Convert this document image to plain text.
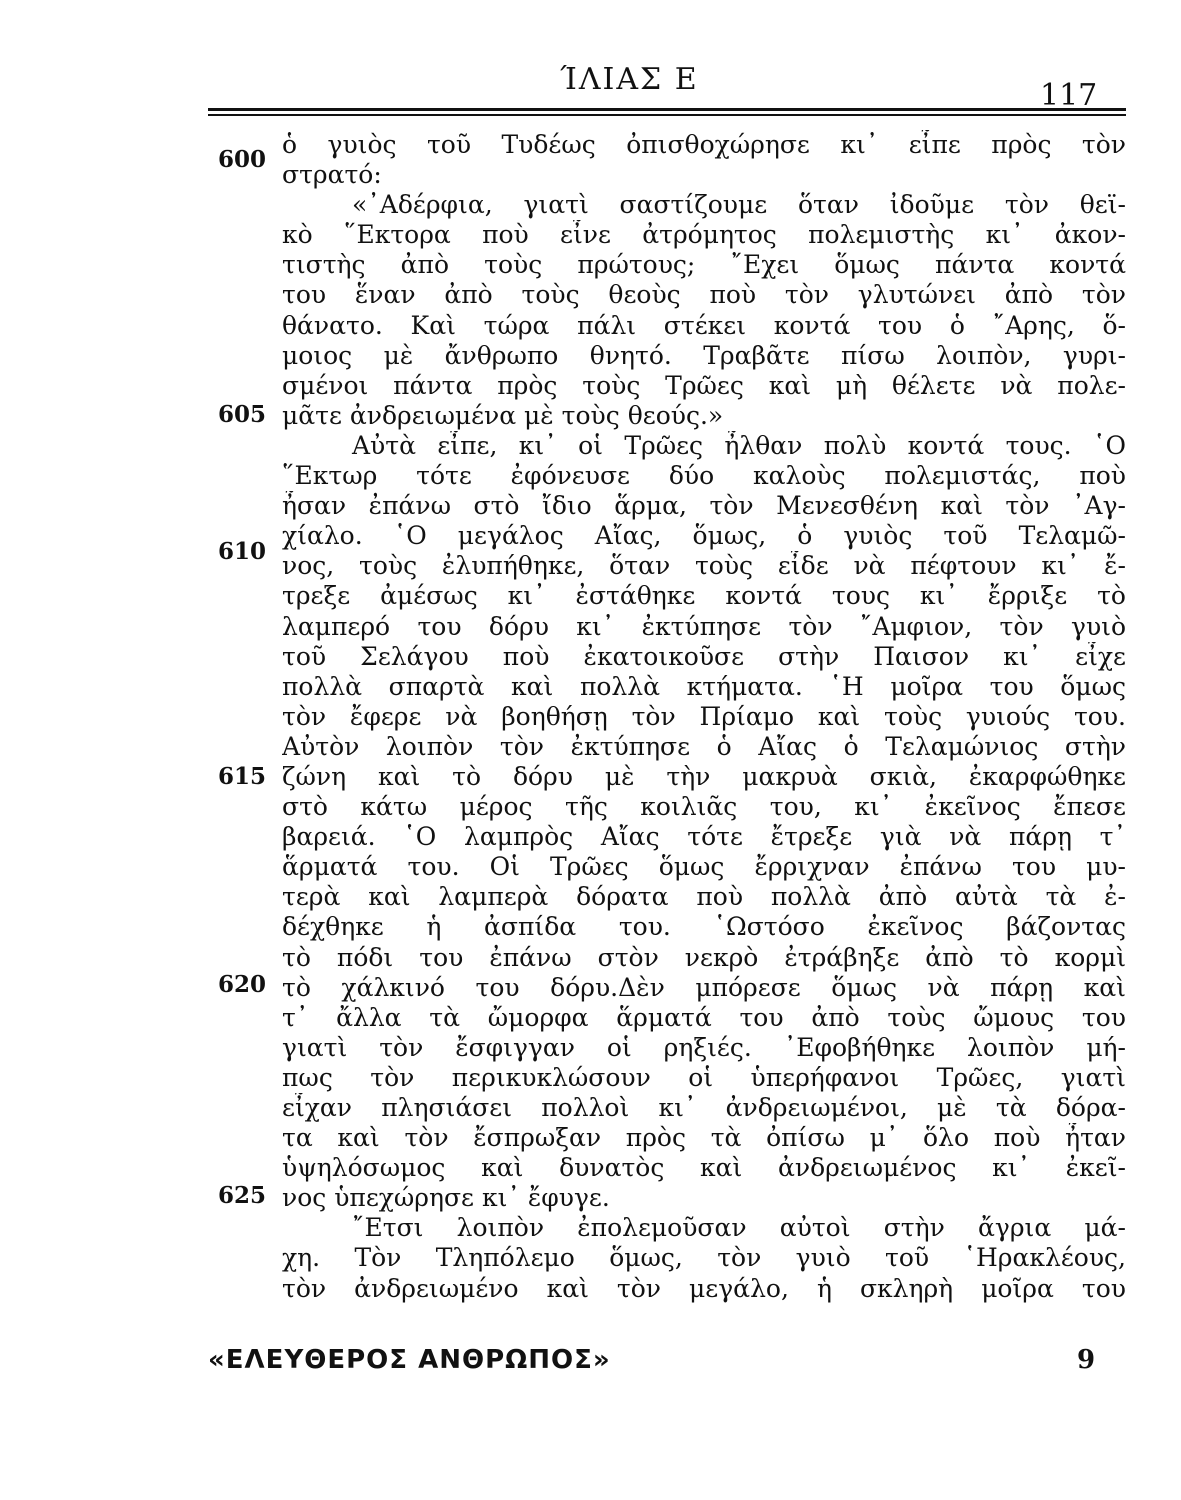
ΊΛΙΑΣ Ε	117
600
605
610
615
620
625
ὁ γυιὸς τοῦ Τυδέως ὀπισθοχώρησε κι᾽ εἶπε πρὸς τὸν
στρατό:
«᾽Αδέρφια, γιατὶ σαστίζουμε ὅταν ἰδοῦμε τὸν θεϊ-
κὸ ῞Εκτορα ποὺ εἶνε ἀτρόμητος πολεμιστὴς κι᾽ ἀκον-
τιστὴς ἀπὸ τοὺς πρώτους; ῎Εχει ὅμως πάντα κοντά
του ἕναν ἀπὸ τοὺς θεοὺς ποὺ τὸν γλυτώνει ἀπὸ τὸν
θάνατο. Καὶ τώρα πάλι στέκει κοντά του ὁ ῎Αρης, ὅ-
μοιος μὲ ἄνθρωπο θνητό. Τραβᾶτε πίσω λοιπὸν, γυρι-
σμένοι πάντα πρὸς τοὺς Τρῶες καὶ μὴ θέλετε νὰ πολε-
μᾶτε ἀνδρειωμένα μὲ τοὺς θεούς.»
Αὐτὰ εἶπε, κι᾽ οἱ Τρῶες ἦλθαν πολὺ κοντά τους. ῾Ο
῞Εκτωρ τότε ἐφόνευσε δύο καλοὺς πολεμιστάς, ποὺ
ἦσαν ἐπάνω στὸ ἴδιο ἅρμα, τὸν Μενεσθένη καὶ τὸν ᾽Αγ-
χίαλο. ῾Ο μεγάλος Αἴας, ὅμως, ὁ γυιὸς τοῦ Τελαμῶ-
νος, τοὺς ἐλυπήθηκε, ὅταν τοὺς εἶδε νὰ πέφτουν κι᾽ ἔ-
τρεξε ἀμέσως κι᾽ ἐστάθηκε κοντά τους κι᾽ ἔρριξε τὸ
λαμπερό του δόρυ κι᾽ ἐκτύπησε τὸν ῎Αμφιον, τὸν γυιὸ
τοῦ Σελάγου ποὺ ἐκατοικοῦσε στὴν Παισον κι᾽ εἶχε
πολλὰ σπαρτὰ καὶ πολλὰ κτήματα. ῾Η μοῖρα του ὅμως
τὸν ἔφερε νὰ βοηθήσῃ τὸν Πρίαμο καὶ τοὺς γυιούς του.
Αὐτὸν λοιπὸν τὸν ἐκτύπησε ὁ Αἴας ὁ Τελαμώνιος στὴν
ζώνη καὶ τὸ δόρυ μὲ τὴν μακρυὰ σκιὰ, ἐκαρφώθηκε
στὸ κάτω μέρος τῆς κοιλιᾶς του, κι᾽ ἐκεῖνος ἔπεσε
βαρειά. ῾Ο λαμπρὸς Αἴας τότε ἔτρεξε γιὰ νὰ πάρῃ τ᾽
ἅρματά του. Οἱ Τρῶες ὅμως ἔρριχναν ἐπάνω του μυ-
τερὰ καὶ λαμπερὰ δόρατα ποὺ πολλὰ ἀπὸ αὐτὰ τὰ ἐ-
δέχθηκε ἡ ἀσπίδα του. ῾Ωστόσο ἐκεῖνος βάζοντας
τὸ πόδι του ἐπάνω στὸν νεκρὸ ἐτράβηξε ἀπὸ τὸ κορμὶ
τὸ χάλκινό του δόρυ.Δὲν μπόρεσε ὅμως νὰ πάρῃ καὶ
τ᾽ ἄλλα τὰ ὤμορφα ἅρματά του ἀπὸ τοὺς ὤμους του
γιατὶ τὸν ἔσφιγγαν οἱ ρηξιές. ᾽Εφοβήθηκε λοιπὸν μή-
πως τὸν περικυκλώσουν οἱ ὑπερήφανοι Τρῶες, γιατὶ
εἶχαν πλησιάσει πολλοὶ κι᾽ ἀνδρειωμένοι, μὲ τὰ δόρα-
τα καὶ τὸν ἔσπρωξαν πρὸς τὰ ὀπίσω μ᾽ ὅλο ποὺ ἦταν
ὑψηλόσωμος καὶ δυνατὸς καὶ ἀνδρειωμένος κι᾽ ἐκεῖ-
νος ὑπεχώρησε κι᾽ ἔφυγε.
῎Ετσι λοιπὸν ἐπολεμοῦσαν αὐτοὶ στὴν ἄγρια μά-
χη. Τὸν Τληπόλεμο ὅμως, τὸν γυιὸ τοῦ ῾Ηρακλέους,
τὸν ἀνδρειωμένο καὶ τὸν μεγάλο, ἡ σκληρὴ μοῖρα του
«ΕΛΕΥΘΕΡΟΣ ΑΝΘΡΩΠΟΣ»	9
